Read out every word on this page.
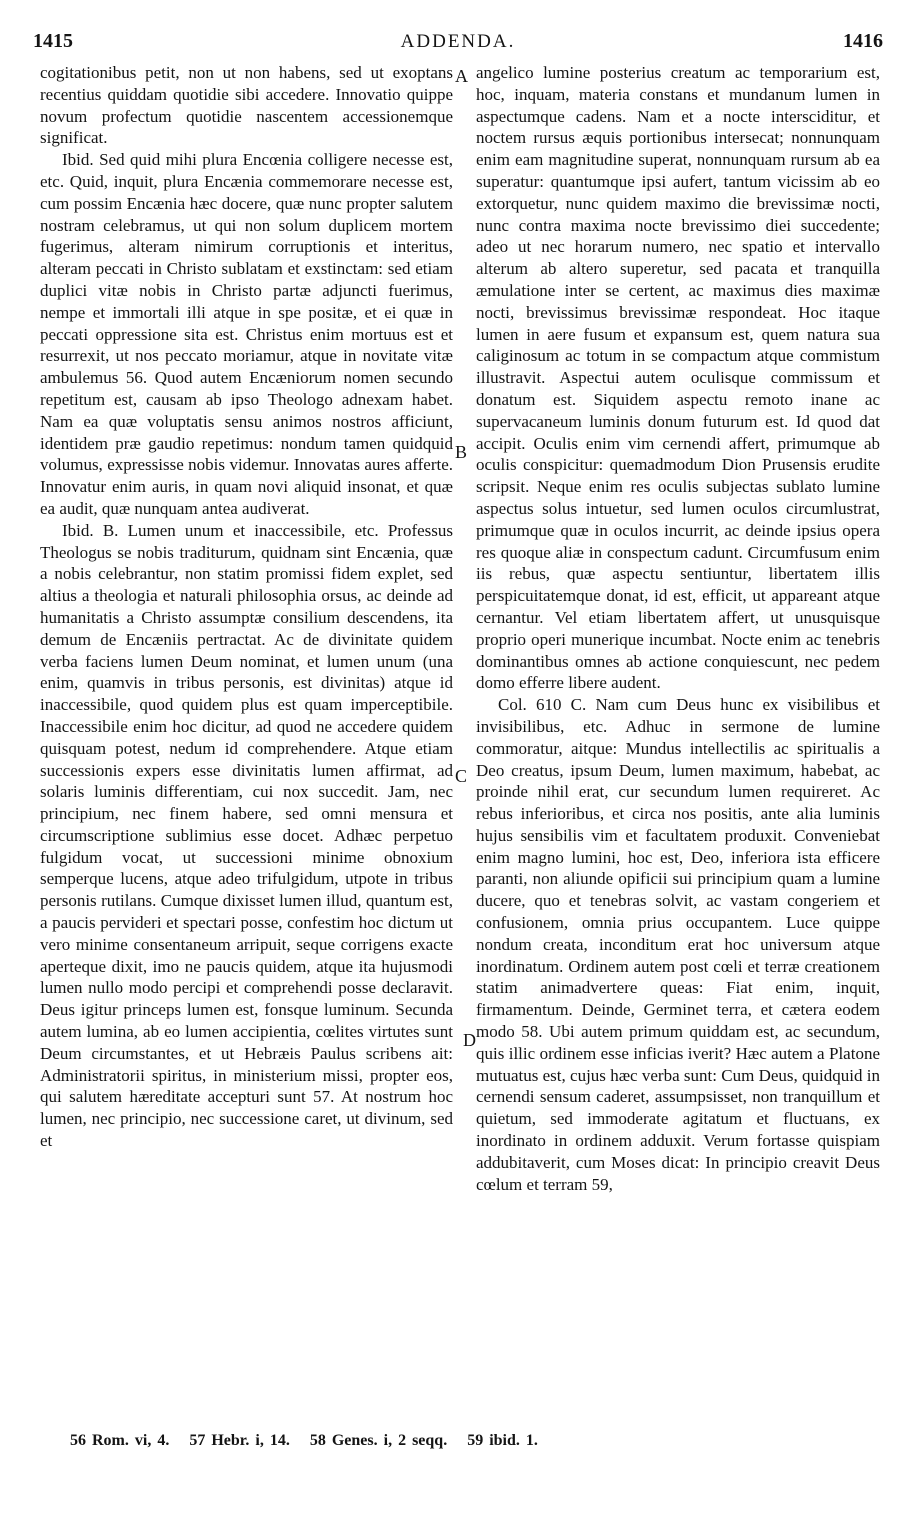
1415	ADDENDA.	1416

cogitationibus petit, non ut non habens, sed ut exoptans recentius quiddam quotidie sibi accedere. Innovatio quippe novum profectum quotidie nascentem accessionemque significat.

Ibid. Sed quid mihi plura Encœnia colligere necesse est, etc. Quid, inquit, plura Encænia commemorare necesse est, cum possim Encænia hæc docere, quæ nunc propter salutem nostram celebramus, ut qui non solum duplicem mortem fugerimus, alteram nimirum corruptionis et interitus, alteram peccati in Christo sublatam et exstinctam: sed etiam duplici vitæ nobis in Christo partæ adjuncti fuerimus, nempe et immortali illi atque in spe positæ, et ei quæ in peccati oppressione sita est. Christus enim mortuus est et resurrexit, ut nos peccato moriamur, atque in novitate vitæ ambulemus 56. Quod autem Encæniorum nomen secundo repetitum est, causam ab ipso Theologo adnexam habet. Nam ea quæ voluptatis sensu animos nostros afficiunt, identidem præ gaudio repetimus: nondum tamen quidquid volumus, expressisse nobis videmur. Innovatas aures afferte. Innovatur enim auris, in quam novi aliquid insonat, et quæ ea audit, quæ nunquam antea audiverat.

Ibid. B. Lumen unum et inaccessibile, etc. Professus Theologus se nobis traditurum, quidnam sint Encænia, quæ a nobis celebrantur, non statim promissi fidem explet, sed altius a theologia et naturali philosophia orsus, ac deinde ad humanitatis a Christo assumptæ consilium descendens, ita demum de Encæniis pertractat. Ac de divinitate quidem verba faciens lumen Deum nominat, et lumen unum (una enim, quamvis in tribus personis, est divinitas) atque id inaccessibile, quod quidem plus est quam imperceptibile. Inaccessibile enim hoc dicitur, ad quod ne accedere quidem quisquam potest, nedum id comprehendere. Atque etiam successionis expers esse divinitatis lumen affirmat, ad solaris luminis differentiam, cui nox succedit. Jam, nec principium, nec finem habere, sed omni mensura et circumscriptione sublimius esse docet. Adhæc perpetuo fulgidum vocat, ut successioni minime obnoxium semperque lucens, atque adeo trifulgidum, utpote in tribus personis rutilans. Cumque dixisset lumen illud, quantum est, a paucis pervideri et spectari posse, confestim hoc dictum ut vero minime consentaneum arripuit, seque corrigens exacte aperteque dixit, imo ne paucis quidem, atque ita hujusmodi lumen nullo modo percipi et comprehendi posse declaravit. Deus igitur princeps lumen est, fonsque luminum. Secunda autem lumina, ab eo lumen accipientia, cœlites virtutes sunt Deum circumstantes, et ut Hebræis Paulus scribens ait: Administratorii spiritus, in ministerium missi, propter eos, qui salutem hæreditate accepturi sunt 57. At nostrum hoc lumen, nec principio, nec successione caret, ut divinum, sed et

A
B
C
D

angelico lumine posterius creatum ac temporarium est, hoc, inquam, materia constans et mundanum lumen in aspectumque cadens. Nam et a nocte intersciditur, et noctem rursus æquis portionibus intersecat; nonnunquam enim eam magnitudine superat, nonnunquam rursum ab ea superatur: quantumque ipsi aufert, tantum vicissim ab eo extorquetur, nunc quidem maximo die brevissimæ nocti, nunc contra maxima nocte brevissimo diei succedente; adeo ut nec horarum numero, nec spatio et intervallo alterum ab altero superetur, sed pacata et tranquilla æmulatione inter se certent, ac maximus dies maximæ nocti, brevissimus brevissimæ respondeat. Hoc itaque lumen in aere fusum et expansum est, quem natura sua caliginosum ac totum in se compactum atque commistum illustravit. Aspectui autem oculisque commissum et donatum est. Siquidem aspectu remoto inane ac supervacaneum luminis donum futurum est. Id quod dat accipit. Oculis enim vim cernendi affert, primumque ab oculis conspicitur: quemadmodum Dion Prusensis erudite scripsit. Neque enim res oculis subjectas sublato lumine aspectus solus intuetur, sed lumen oculos circumlustrat, primumque quæ in oculos incurrit, ac deinde ipsius opera res quoque aliæ in conspectum cadunt. Circumfusum enim iis rebus, quæ aspectu sentiuntur, libertatem illis perspicuitatemque donat, id est, efficit, ut appareant atque cernantur. Vel etiam libertatem affert, ut unusquisque proprio operi munerique incumbat. Nocte enim ac tenebris dominantibus omnes ab actione conquiescunt, nec pedem domo efferre libere audent.

Col. 610 C. Nam cum Deus hunc ex visibilibus et invisibilibus, etc. Adhuc in sermone de lumine commoratur, aitque: Mundus intellectilis ac spiritualis a Deo creatus, ipsum Deum, lumen maximum, habebat, ac proinde nihil erat, cur secundum lumen requireret. Ac rebus inferioribus, et circa nos positis, ante alia luminis hujus sensibilis vim et facultatem produxit. Conveniebat enim magno lumini, hoc est, Deo, inferiora ista efficere paranti, non aliunde opificii sui principium quam a lumine ducere, quo et tenebras solvit, ac vastam congeriem et confusionem, omnia prius occupantem. Luce quippe nondum creata, inconditum erat hoc universum atque inordinatum. Ordinem autem post cœli et terræ creationem statim animadvertere queas: Fiat enim, inquit, firmamentum. Deinde, Germinet terra, et cætera eodem modo 58. Ubi autem primum quiddam est, ac secundum, quis illic ordinem esse inficias iverit? Hæc autem a Platone mutuatus est, cujus hæc verba sunt: Cum Deus, quidquid in cernendi sensum caderet, assumpsisset, non tranquillum et quietum, sed immoderate agitatum et fluctuans, ex inordinato in ordinem adduxit. Verum fortasse quispiam addubitaverit, cum Moses dicat: In principio creavit Deus cœlum et terram 59,

56 Rom. vi, 4. 57 Hebr. i, 14. 58 Genes. i, 2 seqq. 59 ibid. 1.
